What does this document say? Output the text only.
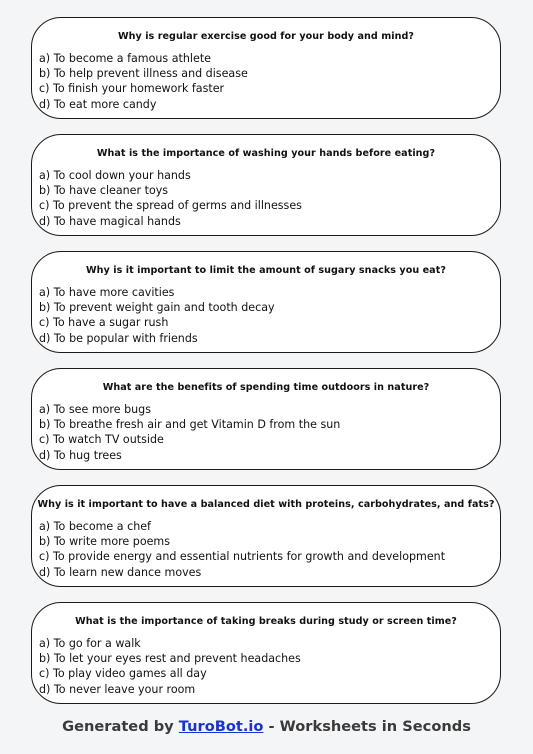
Why is regular exercise good for your body and mind?
a) To become a famous athlete
b) To help prevent illness and disease
c) To finish your homework faster
d) To eat more candy
What is the importance of washing your hands before eating?
a) To cool down your hands
b) To have cleaner toys
c) To prevent the spread of germs and illnesses
d) To have magical hands
Why is it important to limit the amount of sugary snacks you eat?
a) To have more cavities
b) To prevent weight gain and tooth decay
c) To have a sugar rush
d) To be popular with friends
What are the benefits of spending time outdoors in nature?
a) To see more bugs
b) To breathe fresh air and get Vitamin D from the sun
c) To watch TV outside
d) To hug trees
Why is it important to have a balanced diet with proteins, carbohydrates, and fats?
a) To become a chef
b) To write more poems
c) To provide energy and essential nutrients for growth and development
d) To learn new dance moves
What is the importance of taking breaks during study or screen time?
a) To go for a walk
b) To let your eyes rest and prevent headaches
c) To play video games all day
d) To never leave your room
Generated by TuroBot.io - Worksheets in Seconds
